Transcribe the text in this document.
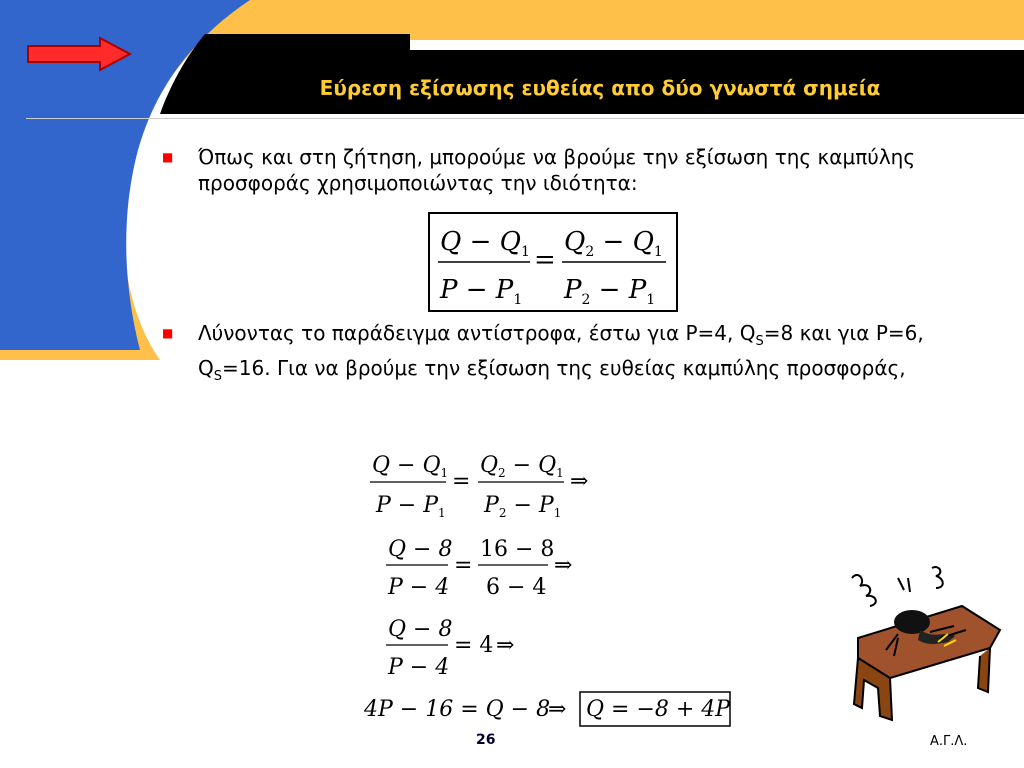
Εύρεση εξίσωσης ευθείας απο δύο γνωστά σημεία
■ Όπως και στη ζήτηση, μπορούμε να βρούμε την εξίσωση της καμπύλης προσφοράς χρησιμοποιώντας την ιδιότητα:
$Q - Q_1$
$P - P_1$
$Q_2 - Q_1$
$P_2 - P_1$
=
■ Λύνοντας το παράδειγμα αντίστροφα, έστω για P=4, $Q_S=8$ και για P=6, $Q_S=16$. Για να βρούμε την εξίσωση της ευθείας καμπύλης προσφοράς,
$Q - Q_1$
$P - P_1$
=
$Q_2 - Q_1$
$P_2 - P_1$
⇒
Q − 8
P − 4
=
16 − 8
6 − 4
⇒
Q − 8
P − 4
= 4 ⇒
4P − 16 = Q − 8
⇒ Q = −8 + 4P
26	Α.Γ.Λ.
